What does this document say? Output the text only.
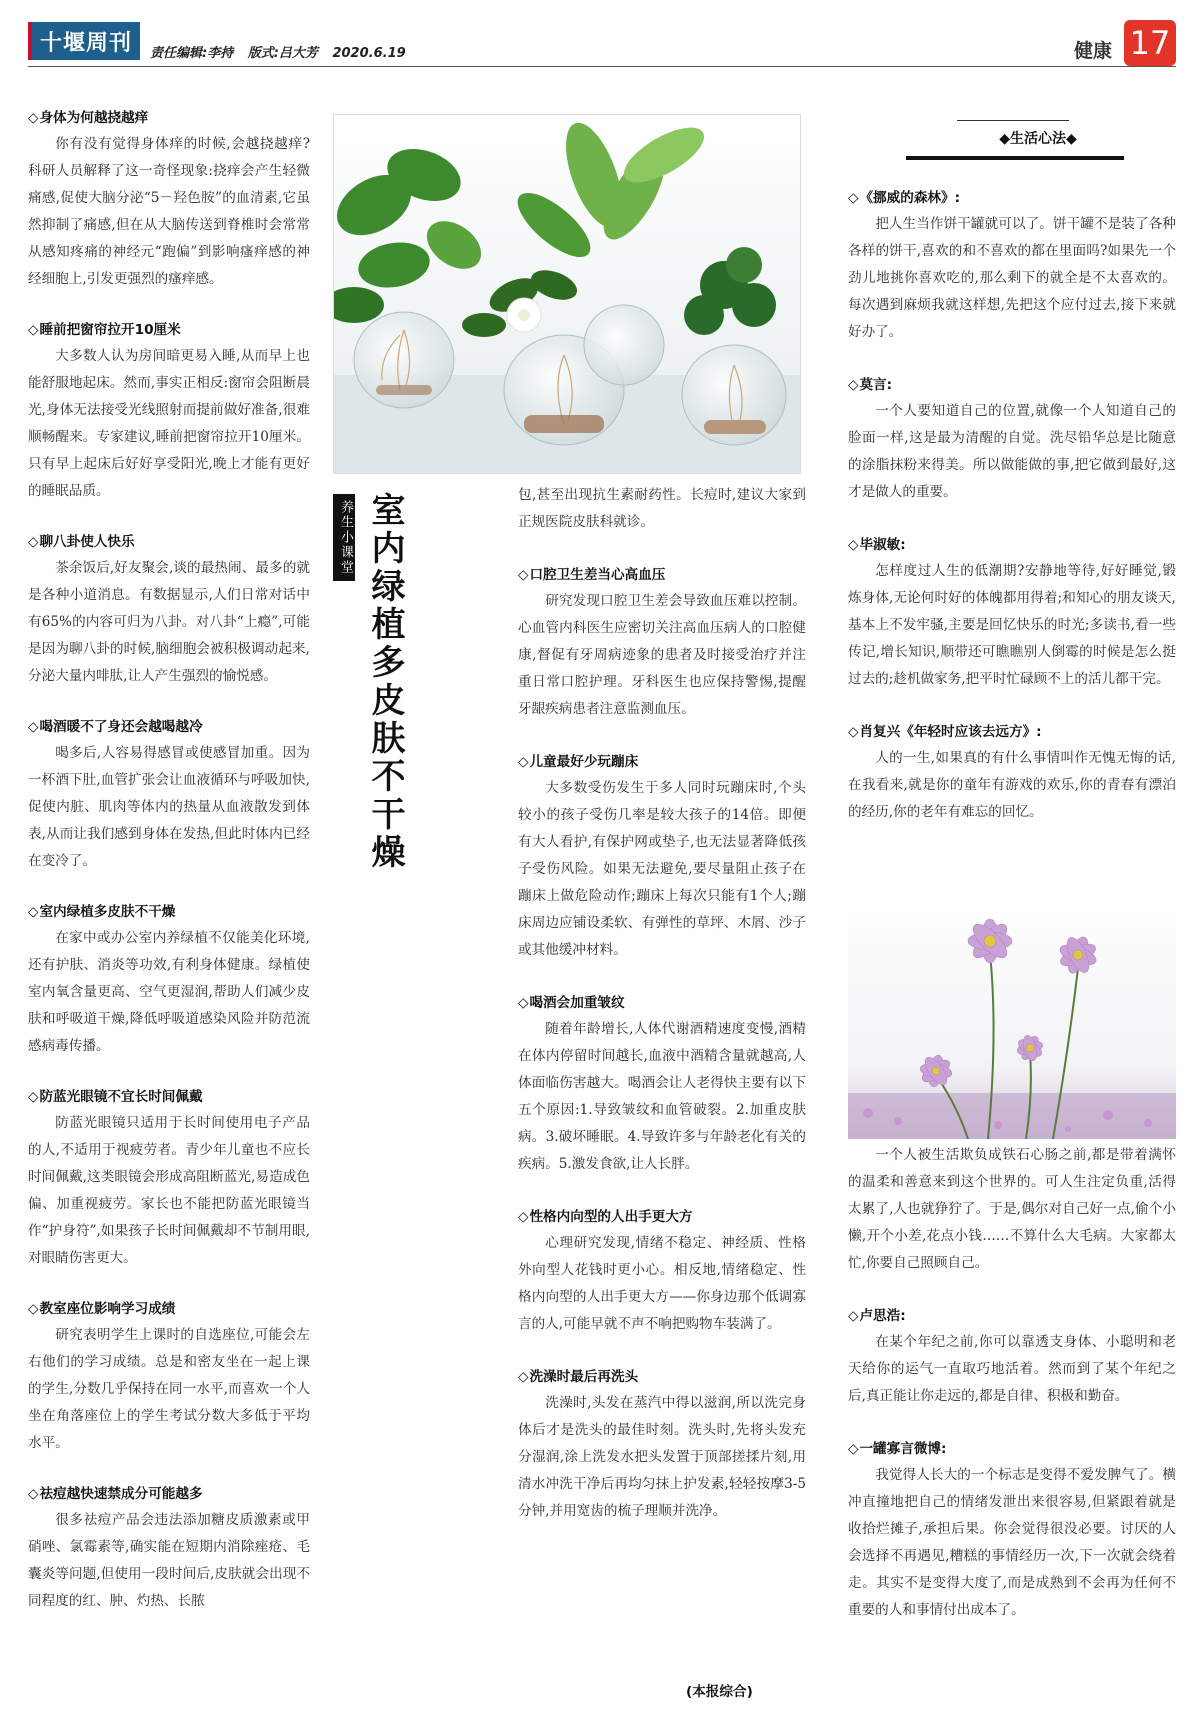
十堰周刊	责任编辑:李持 版式:吕大芳 2020.6.19	健康 17

◇ 身体为何越挠越痒

你有没有觉得身体痒的时候,会越挠越痒?科研人员解释了这一奇怪现象:挠痒会产生轻微痛感,促使大脑分泌“5－羟色胺”的血清素,它虽然抑制了痛感,但在从大脑传送到脊椎时会常常从感知疼痛的神经元“跑偏”到影响瘙痒感的神经细胞上,引发更强烈的瘙痒感。

◇ 睡前把窗帘拉开10厘米

大多数人认为房间暗更易入睡,从而早上也能舒服地起床。然而,事实正相反:窗帘会阻断晨光,身体无法接受光线照射而提前做好准备,很难顺畅醒来。专家建议,睡前把窗帘拉开10厘米。只有早上起床后好好享受阳光,晚上才能有更好的睡眠品质。

◇ 聊八卦使人快乐

茶余饭后,好友聚会,谈的最热闹、最多的就是各种小道消息。有数据显示,人们日常对话中有65%的内容可归为八卦。对八卦“上瘾”,可能是因为聊八卦的时候,脑细胞会被积极调动起来,分泌大量内啡肽,让人产生强烈的愉悦感。

◇ 喝酒暖不了身还会越喝越冷

喝多后,人容易得感冒或使感冒加重。因为一杯酒下肚,血管扩张会让血液循环与呼吸加快,促使内脏、肌肉等体内的热量从血液散发到体表,从而让我们感到身体在发热,但此时体内已经在变冷了。

◇ 室内绿植多皮肤不干燥

在家中或办公室内养绿植不仅能美化环境,还有护肤、消炎等功效,有利身体健康。绿植使室内氧含量更高、空气更湿润,帮助人们减少皮肤和呼吸道干燥,降低呼吸道感染风险并防范流感病毒传播。

◇ 防蓝光眼镜不宜长时间佩戴

防蓝光眼镜只适用于长时间使用电子产品的人,不适用于视疲劳者。青少年儿童也不应长时间佩戴,这类眼镜会形成高阻断蓝光,易造成色偏、加重视疲劳。家长也不能把防蓝光眼镜当作“护身符”,如果孩子长时间佩戴却不节制用眼,对眼睛伤害更大。

◇ 教室座位影响学习成绩

研究表明学生上课时的自选座位,可能会左右他们的学习成绩。总是和密友坐在一起上课的学生,分数几乎保持在同一水平,而喜欢一个人坐在角落座位上的学生考试分数大多低于平均水平。

◇ 祛痘越快速禁成分可能越多

很多祛痘产品会违法添加糖皮质激素或甲硝唑、氯霉素等,确实能在短期内消除痤疮、毛囊炎等问题,但使用一段时间后,皮肤就会出现不同程度的红、肿、灼热、长脓

养生小课堂 室内绿植多皮肤不干燥	包,甚至出现抗生素耐药性。长痘时,建议大家到正规医院皮肤科就诊。

◇ 口腔卫生差当心高血压

研究发现口腔卫生差会导致血压难以控制。心血管内科医生应密切关注高血压病人的口腔健康,督促有牙周病迹象的患者及时接受治疗并注重日常口腔护理。牙科医生也应保持警惕,提醒牙龈疾病患者注意监测血压。

◇ 儿童最好少玩蹦床

大多数受伤发生于多人同时玩蹦床时,个头较小的孩子受伤几率是较大孩子的14倍。即便有大人看护,有保护网或垫子,也无法显著降低孩子受伤风险。如果无法避免,要尽量阻止孩子在蹦床上做危险动作;蹦床上每次只能有1个人;蹦床周边应铺设柔软、有弹性的草坪、木屑、沙子或其他缓冲材料。

◇ 喝酒会加重皱纹

随着年龄增长,人体代谢酒精速度变慢,酒精在体内停留时间越长,血液中酒精含量就越高,人体面临伤害越大。喝酒会让人老得快主要有以下五个原因:1.导致皱纹和血管破裂。2.加重皮肤病。3.破坏睡眠。4.导致许多与年龄老化有关的疾病。5.激发食欲,让人长胖。

◇ 性格内向型的人出手更大方

心理研究发现,情绪不稳定、神经质、性格外向型人花钱时更小心。相反地,情绪稳定、性格内向型的人出手更大方——你身边那个低调寡言的人,可能早就不声不响把购物车装满了。

◇ 洗澡时最后再洗头

洗澡时,头发在蒸汽中得以滋润,所以洗完身体后才是洗头的最佳时刻。洗头时,先将头发充分湿润,涂上洗发水把头发置于顶部搓揉片刻,用清水冲洗干净后再均匀抹上护发素,轻轻按摩3-5分钟,并用宽齿的梳子理顺并洗净。

(本报综合)
◆生活心法◆

◇ 《挪威的森林》:

把人生当作饼干罐就可以了。饼干罐不是装了各种各样的饼干,喜欢的和不喜欢的都在里面吗?如果先一个劲儿地挑你喜欢吃的,那么剩下的就全是不太喜欢的。每次遇到麻烦我就这样想,先把这个应付过去,接下来就好办了。

◇ 莫言:

一个人要知道自己的位置,就像一个人知道自己的脸面一样,这是最为清醒的自觉。洗尽铅华总是比随意的涂脂抹粉来得美。所以做能做的事,把它做到最好,这才是做人的重要。

◇ 毕淑敏:

怎样度过人生的低潮期?安静地等待,好好睡觉,锻炼身体,无论何时好的体魄都用得着;和知心的朋友谈天,基本上不发牢骚,主要是回忆快乐的时光;多读书,看一些传记,增长知识,顺带还可瞧瞧别人倒霉的时候是怎么挺过去的;趁机做家务,把平时忙碌顾不上的活儿都干完。

◇ 肖复兴《年轻时应该去远方》:

人的一生,如果真的有什么事情叫作无愧无悔的话,在我看来,就是你的童年有游戏的欢乐,你的青春有漂泊的经历,你的老年有难忘的回忆。

◇

一个人被生活欺负成铁石心肠之前,都是带着满怀的温柔和善意来到这个世界的。可人生注定负重,活得太累了,人也就狰狞了。于是,偶尔对自己好一点,偷个小懒,开个小差,花点小钱……不算什么大毛病。大家都太忙,你要自己照顾自己。

◇ 卢思浩:

在某个年纪之前,你可以靠透支身体、小聪明和老天给你的运气一直取巧地活着。然而到了某个年纪之后,真正能让你走远的,都是自律、积极和勤奋。

◇ 一罐寡言微博:

我觉得人长大的一个标志是变得不爱发脾气了。横冲直撞地把自己的情绪发泄出来很容易,但紧跟着就是收拾烂摊子,承担后果。你会觉得很没必要。讨厌的人会选择不再遇见,糟糕的事情经历一次,下一次就会绕着走。其实不是变得大度了,而是成熟到不会再为任何不重要的人和事情付出成本了。
